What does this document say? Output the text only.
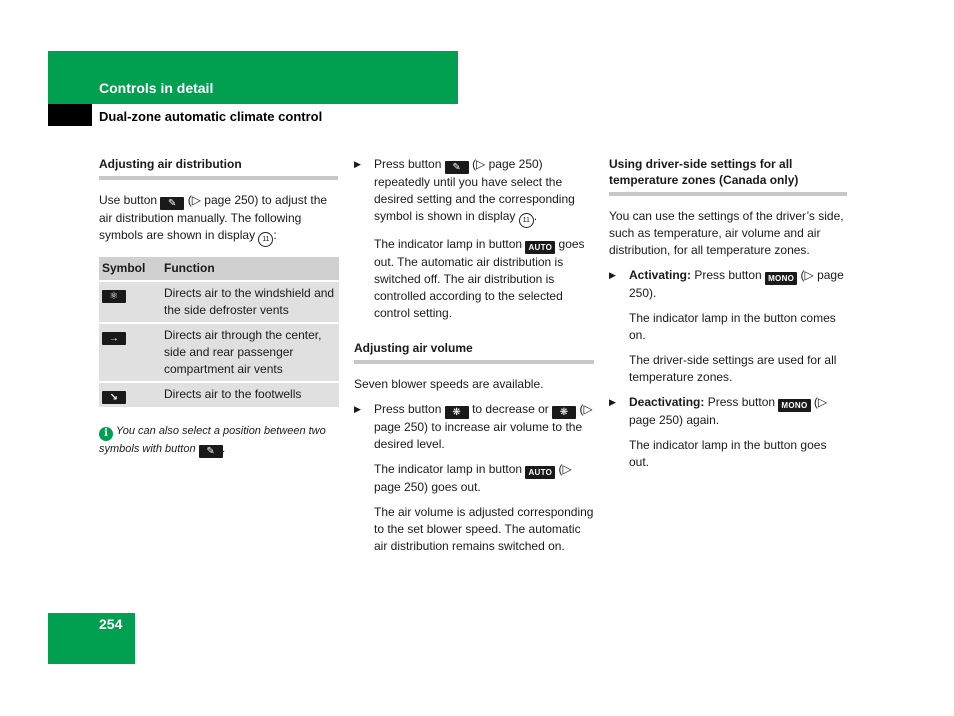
Controls in detail
Dual-zone automatic climate control
Adjusting air distribution

Use button ✎ (▷ page 250) to adjust the air distribution manually. The following symbols are shown in display 11 :

Symbol	Function
⚛	Directs air to the windshield and the side defroster vents
→	Directs air through the center, side and rear passenger compartment air vents
↘	Directs air to the footwells
i You can also select a position between two symbols with button ✎ .
▶ Press button ✎ (▷ page 250) repeatedly until you have select the desired setting and the corresponding symbol is shown in display 11 .
The indicator lamp in button AUTO goes out. The automatic air distribution is switched off. The air distribution is controlled according to the selected control setting.
Adjusting air volume

Seven blower speeds are available.

▶ Press button ❋ to decrease or ❋ (▷ page 250) to increase air volume to the desired level.
The indicator lamp in button AUTO (▷ page 250) goes out.
The air volume is adjusted corresponding to the set blower speed. The automatic air distribution remains switched on.
Using driver-side settings for all temperature zones (Canada only)

You can use the settings of the driver’s side, such as temperature, air volume and air distribution, for all temperature zones.

▶ Activating: Press button MONO (▷ page 250).
The indicator lamp in the button comes on.
The driver-side settings are used for all temperature zones.
▶ Deactivating: Press button MONO (▷ page 250) again.
The indicator lamp in the button goes out.
254
